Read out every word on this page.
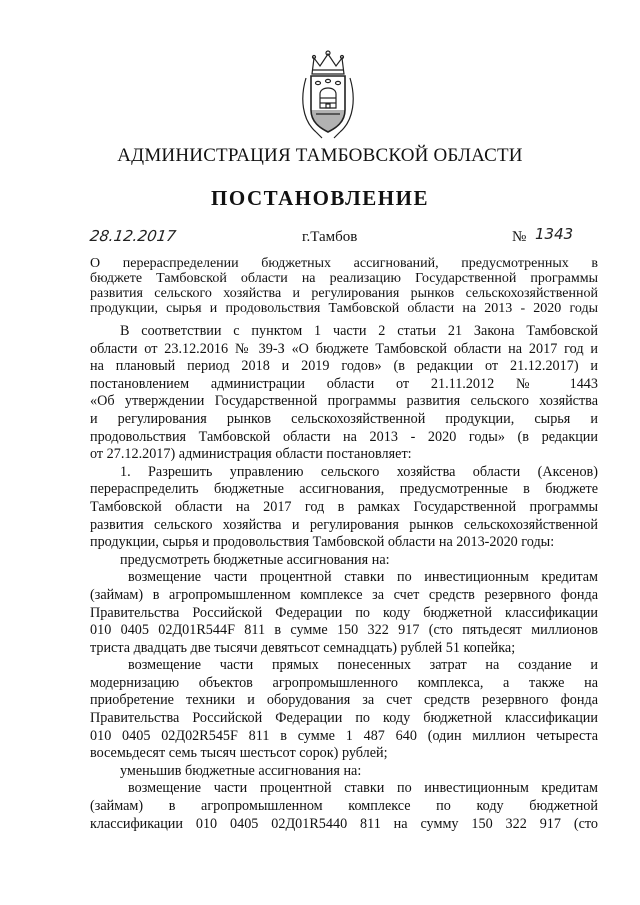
АДМИНИСТРАЦИЯ ТАМБОВСКОЙ ОБЛАСТИ
ПОСТАНОВЛЕНИЕ
28.12.2017	г.Тамбов	№ 1343
О перераспределении бюджетных ассигнований, предусмотренных в
бюджете Тамбовской области на реализацию Государственной программы
развития сельского хозяйства и регулирования рынков сельскохозяйственной
продукции, сырья и продовольствия Тамбовской области на 2013 - 2020 годы
В соответствии с пунктом 1 части 2 статьи 21 Закона Тамбовской
области от 23.12.2016 № 39-З «О бюджете Тамбовской области на 2017 год и
на плановый период 2018 и 2019 годов» (в редакции от 21.12.2017) и
постановлением администрации области от 21.11.2012 № 1443
«Об утверждении Государственной программы развития сельского хозяйства
и регулирования рынков сельскохозяйственной продукции, сырья и
продовольствия Тамбовской области на 2013 - 2020 годы» (в редакции
от 27.12.2017) администрация области постановляет:
1. Разрешить управлению сельского хозяйства области (Аксенов)
перераспределить бюджетные ассигнования, предусмотренные в бюджете
Тамбовской области на 2017 год в рамках Государственной программы
развития сельского хозяйства и регулирования рынков сельскохозяйственной
продукции, сырья и продовольствия Тамбовской области на 2013-2020 годы:
предусмотреть бюджетные ассигнования на:
возмещение части процентной ставки по инвестиционным кредитам
(займам) в агропромышленном комплексе за счет средств резервного фонда
Правительства Российской Федерации по коду бюджетной классификации
010 0405 02Д01R544F 811 в сумме 150 322 917 (сто пятьдесят миллионов
триста двадцать две тысячи девятьсот семнадцать) рублей 51 копейка;
возмещение части прямых понесенных затрат на создание и
модернизацию объектов агропромышленного комплекса, а также на
приобретение техники и оборудования за счет средств резервного фонда
Правительства Российской Федерации по коду бюджетной классификации
010 0405 02Д02R545F 811 в сумме 1 487 640 (один миллион четыреста
восемьдесят семь тысяч шестьсот сорок) рублей;
уменьшив бюджетные ассигнования на:
возмещение части процентной ставки по инвестиционным кредитам
(займам) в агропромышленном комплексе по коду бюджетной
классификации 010 0405 02Д01R5440 811 на сумму 150 322 917 (сто
